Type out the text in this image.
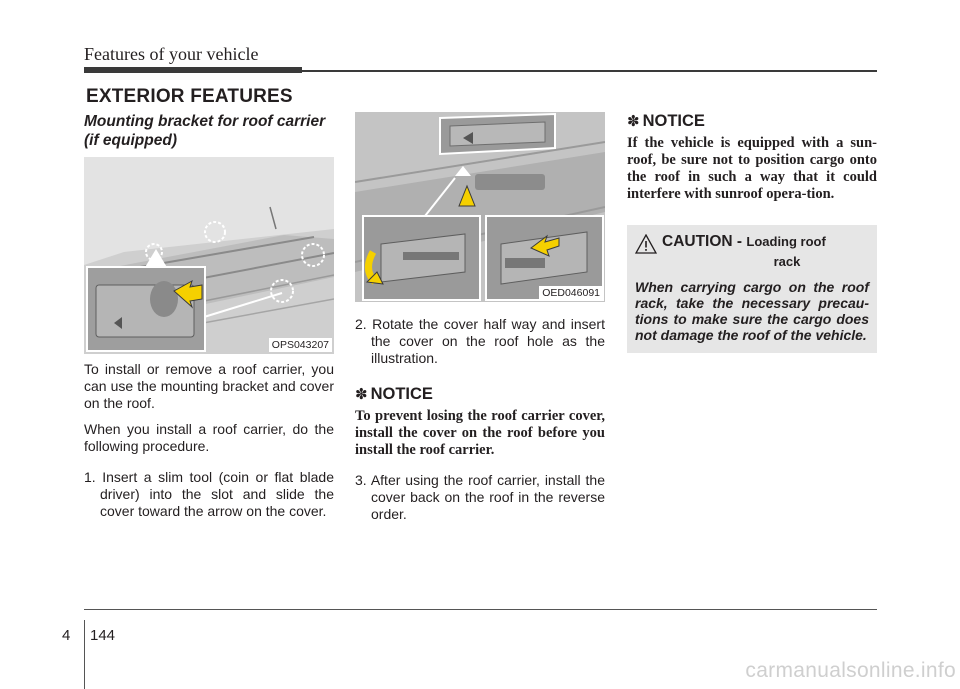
Features of your vehicle
EXTERIOR FEATURES
Mounting bracket for roof carrier
(if equipped)
OPS043207

To install or remove a roof carrier, you can use the mounting bracket and cover on the roof.

When you install a roof carrier, do the following procedure.

1. Insert a slim tool (coin or flat blade driver) into the slot and slide the cover toward the arrow on the cover.

OED046091

2. Rotate the cover half way and insert the cover on the roof hole as the illustration.

✽ NOTICE

To prevent losing the roof carrier cover, install the cover on the roof before you install the roof carrier.

3. After using the roof carrier, install the cover back on the roof in the reverse order.

✽ NOTICE

If the vehicle is equipped with a sun-roof, be sure not to position cargo onto the roof in such a way that it could interfere with sunroof opera-tion.

CAUTION - Loading roof
rack

When carrying cargo on the roof rack, take the necessary precau-tions to make sure the cargo does not damage the roof of the vehicle.

4 144
carmanualsonline.info
